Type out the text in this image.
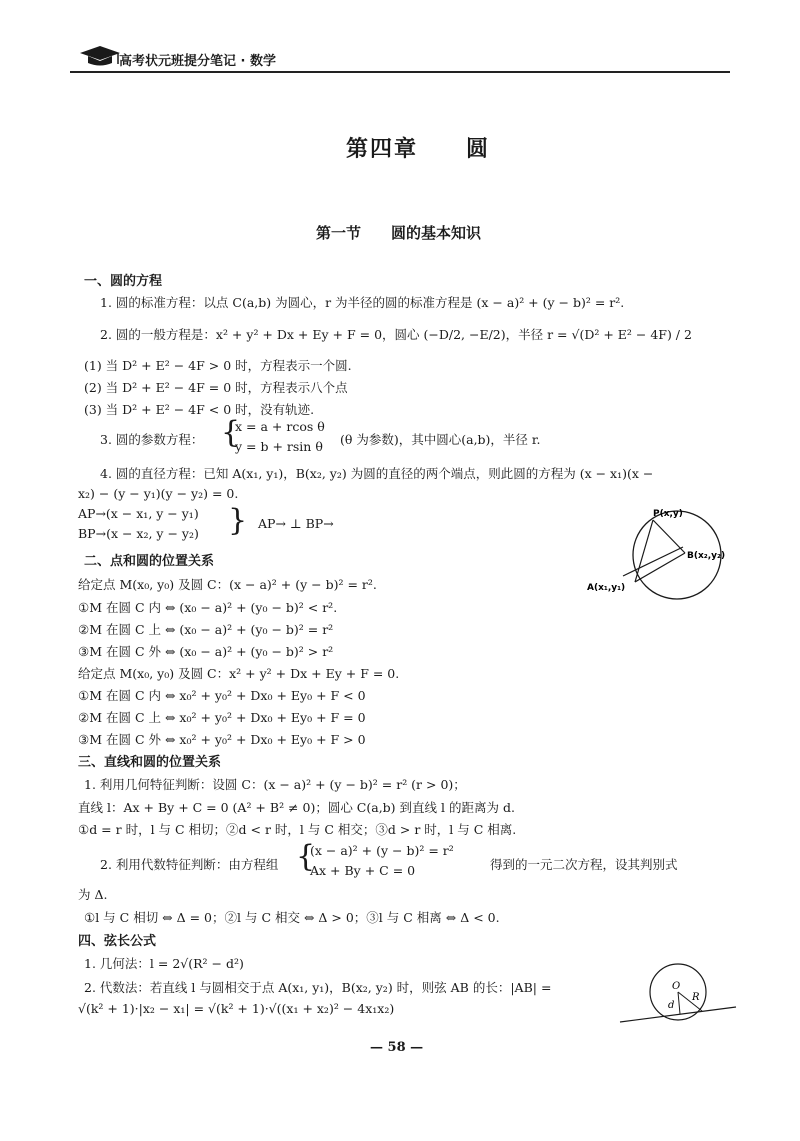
高考状元班提分笔记 · 数学
第四章　　圆
第一节　　圆的基本知识
一、圆的方程
1. 圆的标准方程：以点 C(a,b) 为圆心，r 为半径的圆的标准方程是 (x − a)² + (y − b)² = r².
2. 圆的一般方程是：x² + y² + Dx + Ey + F = 0，圆心 (−D/2, −E/2)，半径 r = √(D² + E² − 4F) / 2
(1) 当 D² + E² − 4F > 0 时，方程表示一个圆.
(2) 当 D² + E² − 4F = 0 时，方程表示八个点
(3) 当 D² + E² − 4F < 0 时，没有轨迹.
3. 圆的参数方程： {
x = a + rcos θ
y = b + rsin θ (θ 为参数)，其中圆心(a,b)，半径 r.
4. 圆的直径方程：已知 A(x₁, y₁)，B(x₂, y₂) 为圆的直径的两个端点，则此圆的方程为 (x − x₁)(x −
x₂) − (y − y₁)(y − y₂) = 0.
AP→(x − x₁, y − y₁)
BP→(x − x₂, y − y₂) { AP→ ⊥ BP→
P(x,y)
B(x₂,y₂)
A(x₁,y₁)
二、点和圆的位置关系
给定点 M(x₀, y₀) 及圆 C：(x − a)² + (y − b)² = r².
①M 在圆 C 内 ⇔ (x₀ − a)² + (y₀ − b)² < r².
②M 在圆 C 上 ⇔ (x₀ − a)² + (y₀ − b)² = r²
③M 在圆 C 外 ⇔ (x₀ − a)² + (y₀ − b)² > r²
给定点 M(x₀, y₀) 及圆 C：x² + y² + Dx + Ey + F = 0.
①M 在圆 C 内 ⇔ x₀² + y₀² + Dx₀ + Ey₀ + F < 0
②M 在圆 C 上 ⇔ x₀² + y₀² + Dx₀ + Ey₀ + F = 0
③M 在圆 C 外 ⇔ x₀² + y₀² + Dx₀ + Ey₀ + F > 0
三、直线和圆的位置关系
1. 利用几何特征判断：设圆 C：(x − a)² + (y − b)² = r² (r > 0)；
直线 l：Ax + By + C = 0 (A² + B² ≠ 0)；圆心 C(a,b) 到直线 l 的距离为 d.
①d = r 时，l 与 C 相切；②d < r 时，l 与 C 相交；③d > r 时，l 与 C 相离.
2. 利用代数特征判断：由方程组 {
(x − a)² + (y − b)² = r²
Ax + By + C = 0	得到的一元二次方程，设其判别式
为 Δ.
①l 与 C 相切 ⇔ Δ = 0；②l 与 C 相交 ⇔ Δ > 0；③l 与 C 相离 ⇔ Δ < 0.
四、弦长公式
1. 几何法：l = 2√(R² − d²)
2. 代数法：若直线 l 与圆相交于点 A(x₁, y₁)，B(x₂, y₂) 时，则弦 AB 的长：|AB| =
√(k² + 1)·|x₂ − x₁| = √(k² + 1)·√((x₁ + x₂)² − 4x₁x₂)
O
R
d
— 58 —
